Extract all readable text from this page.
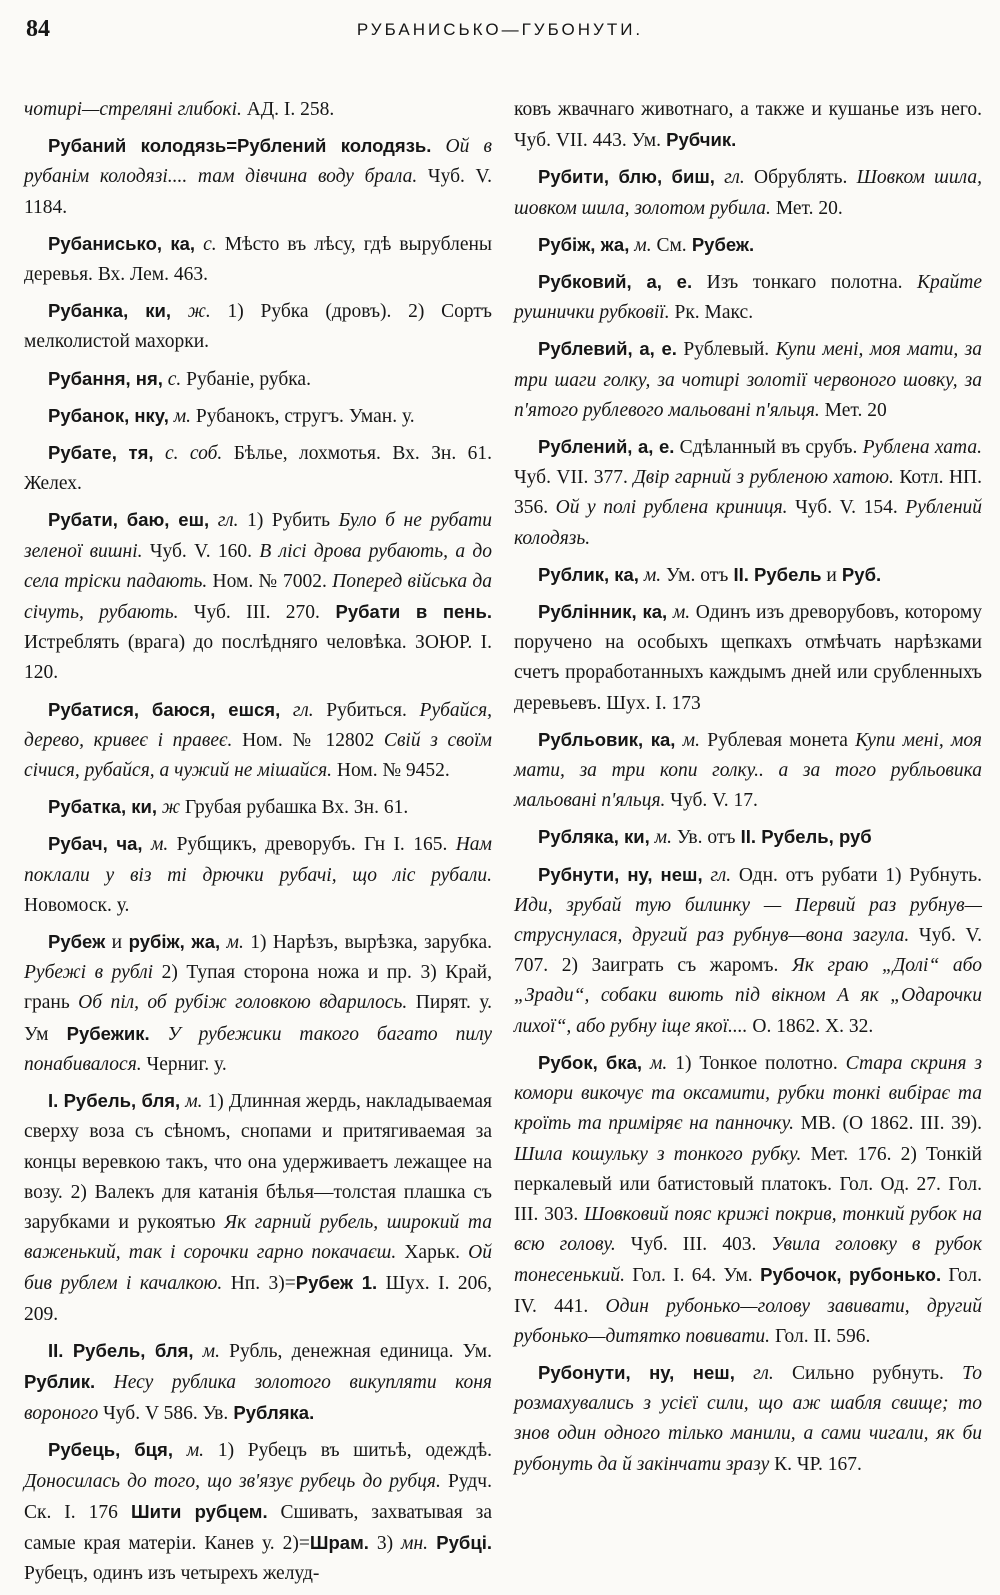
84	РУБАНИСЬКО—ГУБОНУТИ.

чотирі—стреляні глибокі. АД. I. 258.

Рубаний колодязь=Рублений колодязь. Ой в рубанім колодязі.... там дівчина воду брала. Чуб. V. 1184.

Рубанисько, ка, с. Мѣсто въ лѣсу, гдѣ вырублены деревья. Вх. Лем. 463.

Рубанка, ки, ж. 1) Рубка (дровъ). 2) Сортъ мелколистой махорки.

Рубання, ня, с. Рубаніе, рубка.

Рубанок, нку, м. Рубанокъ, стругъ. Уман. у.

Рубате, тя, с. соб. Бѣлье, лохмотья. Вх. Зн. 61. Желех.

Рубати, баю, еш, гл. 1) Рубить Було б не рубати зеленої вишні. Чуб. V. 160. В лісі дрова рубають, а до села тріски падають. Ном. № 7002. Поперед війська да січуть, рубають. Чуб. III. 270. Рубати в пень. Истреблять (врага) до послѣдняго человѣка. ЗОЮР. I. 120.

Рубатися, баюся, ешся, гл. Рубиться. Рубайся, дерево, кривеє і правеє. Ном. № 12802 Свій з своїм січися, рубайся, а чужий не мішайся. Ном. № 9452.

Рубатка, ки, ж Грубая рубашка Вх. Зн. 61.

Рубач, ча, м. Рубщикъ, древорубъ. Гн I. 165. Нам поклали у віз ті дрючки рубачі, що ліс рубали. Новомоск. у.

Рубеж и рубіж, жа, м. 1) Нарѣзъ, вырѣзка, зарубка. Рубежі в рублі 2) Тупая сторона ножа и пр. 3) Край, грань Об піл, об рубіж головкою вдарилось. Пирят. у. Ум Рубежик. У рубежики такого багато пилу понабивалося. Черниг. у.

I. Рубель, бля, м. 1) Длинная жердь, накладываемая сверху воза съ сѣномъ, снопами и притягиваемая за концы веревкою такъ, что она удерживаетъ лежащее на возу. 2) Валекъ для катанія бѣлья—толстая плашка съ зарубками и рукоятью Як гарний рубель, широкий та важенький, так і сорочки гарно покачаєш. Харьк. Ой бив рублем і качалкою. Нп. 3)=Рубеж 1. Шух. I. 206, 209.

II. Рубель, бля, м. Рубль, денежная единица. Ум. Рублик. Несу рублика золотого викупляти коня вороного Чуб. V 586. Ув. Рубляка.

Рубець, бця, м. 1) Рубецъ въ шитьѣ, одеждѣ. Доносилась до того, що зв'язує рубець до рубця. Рудч. Ск. I. 176 Шити рубцем. Сшивать, захватывая за самые края матеріи. Канев у. 2)=Шрам. 3) мн. Рубці. Рубецъ, одинъ изъ четырехъ желуд-

ковъ жвачнаго животнаго, а также и кушанье изъ него. Чуб. VII. 443. Ум. Рубчик.

Рубити, блю, биш, гл. Обрублять. Шовком шила, шовком шила, золотом рубила. Мет. 20.

Рубіж, жа, м. См. Рубеж.

Рубковий, а, е. Изъ тонкаго полотна. Крайте рушнички рубковії. Рк. Макс.

Рублевий, а, е. Рублевый. Купи мені, моя мати, за три шаги голку, за чотирі золотії червоного шовку, за п'ятого рублевого мальовані п'яльця. Мет. 20

Рублений, а, е. Сдѣланный въ срубъ. Рублена хата. Чуб. VII. 377. Двір гарний з рубленою хатою. Котл. НП. 356. Ой у полі рублена криниця. Чуб. V. 154. Рублений колодязь.

Рублик, ка, м. Ум. отъ II. Рубель и Руб.

Рублінник, ка, м. Одинъ изъ древорубовъ, которому поручено на особыхъ щепкахъ отмѣчать нарѣзками счетъ проработанныхъ каждымъ дней или срубленныхъ деревьевъ. Шух. I. 173

Рубльовик, ка, м. Рублевая монета Купи мені, моя мати, за три копи голку.. а за того рубльовика мальовані п'яльця. Чуб. V. 17.

Рубляка, ки, м. Ув. отъ II. Рубель, руб

Рубнути, ну, неш, гл. Одн. отъ рубати 1) Рубнуть. Иди, зрубай тую билинку — Первий раз рубнув—струснулася, другий раз рубнув—вона загула. Чуб. V. 707. 2) Заиграть съ жаромъ. Як граю „Долі“ або „Зради“, собаки виють під вікном А як „Одарочки лихої“, або рубну іще якої.... О. 1862. X. 32.

Рубок, бка, м. 1) Тонкое полотно. Стара скриня з комори викочує та оксамити, рубки тонкі вибірає та кроїть та приміряє на панночку. МВ. (О 1862. III. 39). Шила кошульку з тонкого рубку. Мет. 176. 2) Тонкій перкалевый или батистовый платокъ. Гол. Од. 27. Гол. III. 303. Шовковий пояс крижі покрив, тонкий рубок на всю голову. Чуб. III. 403. Увила головку в рубок тонесенький. Гол. I. 64. Ум. Рубочок, рубонько. Гол. IV. 441. Один рубонько—голову завивати, другий рубонько—дитятко повивати. Гол. II. 596.

Рубонути, ну, неш, гл. Сильно рубнуть. То розмахувались з усієї сили, що аж шабля свище; то знов один одного тілько манили, а сами чигали, як би рубонуть да й закінчати зразу К. ЧР. 167.
